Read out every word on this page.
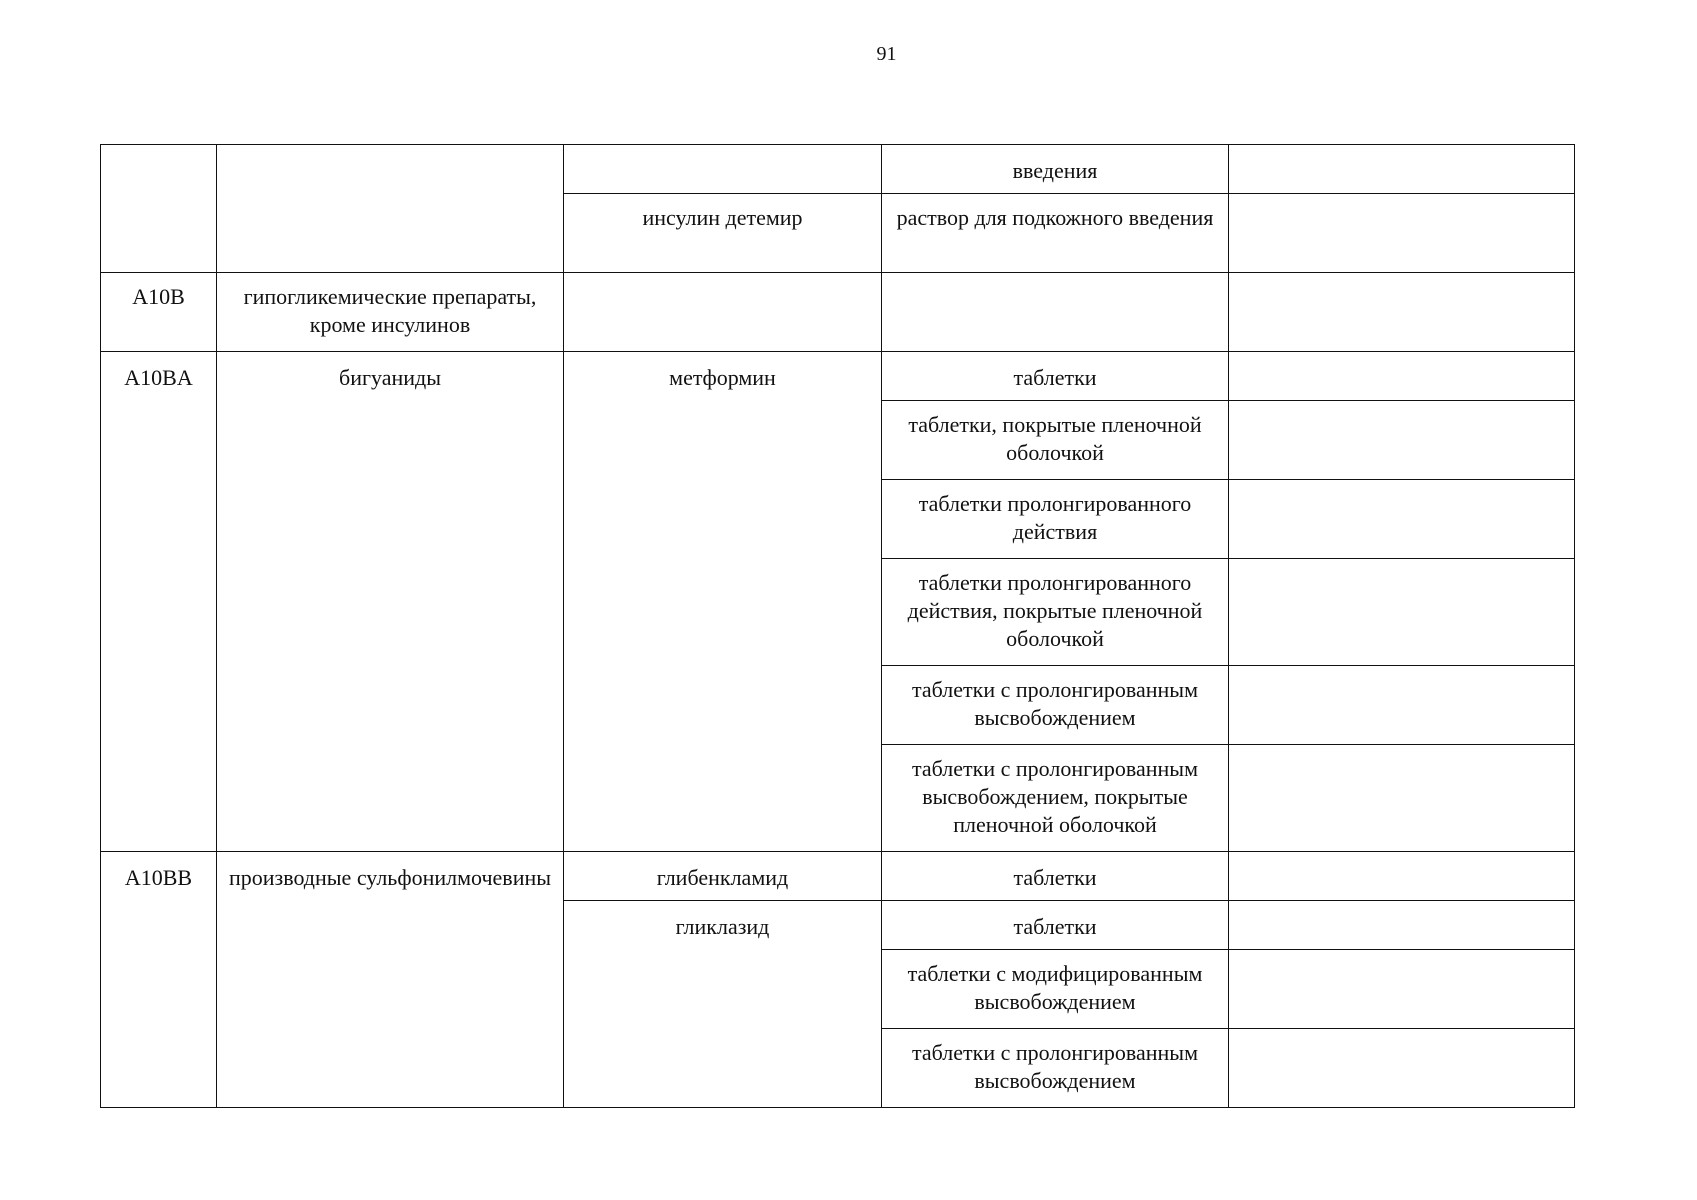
91
			введения	
		инсулин детемир	раствор для подкожного введения	
A10B	гипогликемические препараты, кроме инсулинов			
A10BA	бигуаниды	метформин	таблетки	
			таблетки, покрытые пленочной оболочкой	
			таблетки пролонгированного действия	
			таблетки пролонгированного действия, покрытые пленочной оболочкой	
			таблетки с пролонгированным высвобождением	
			таблетки с пролонгированным высвобождением, покрытые пленочной оболочкой	
A10BB	производные сульфонилмочевины	глибенкламид	таблетки	
		гликлазид	таблетки	
			таблетки с модифицированным высвобождением	
			таблетки с пролонгированным высвобождением	
